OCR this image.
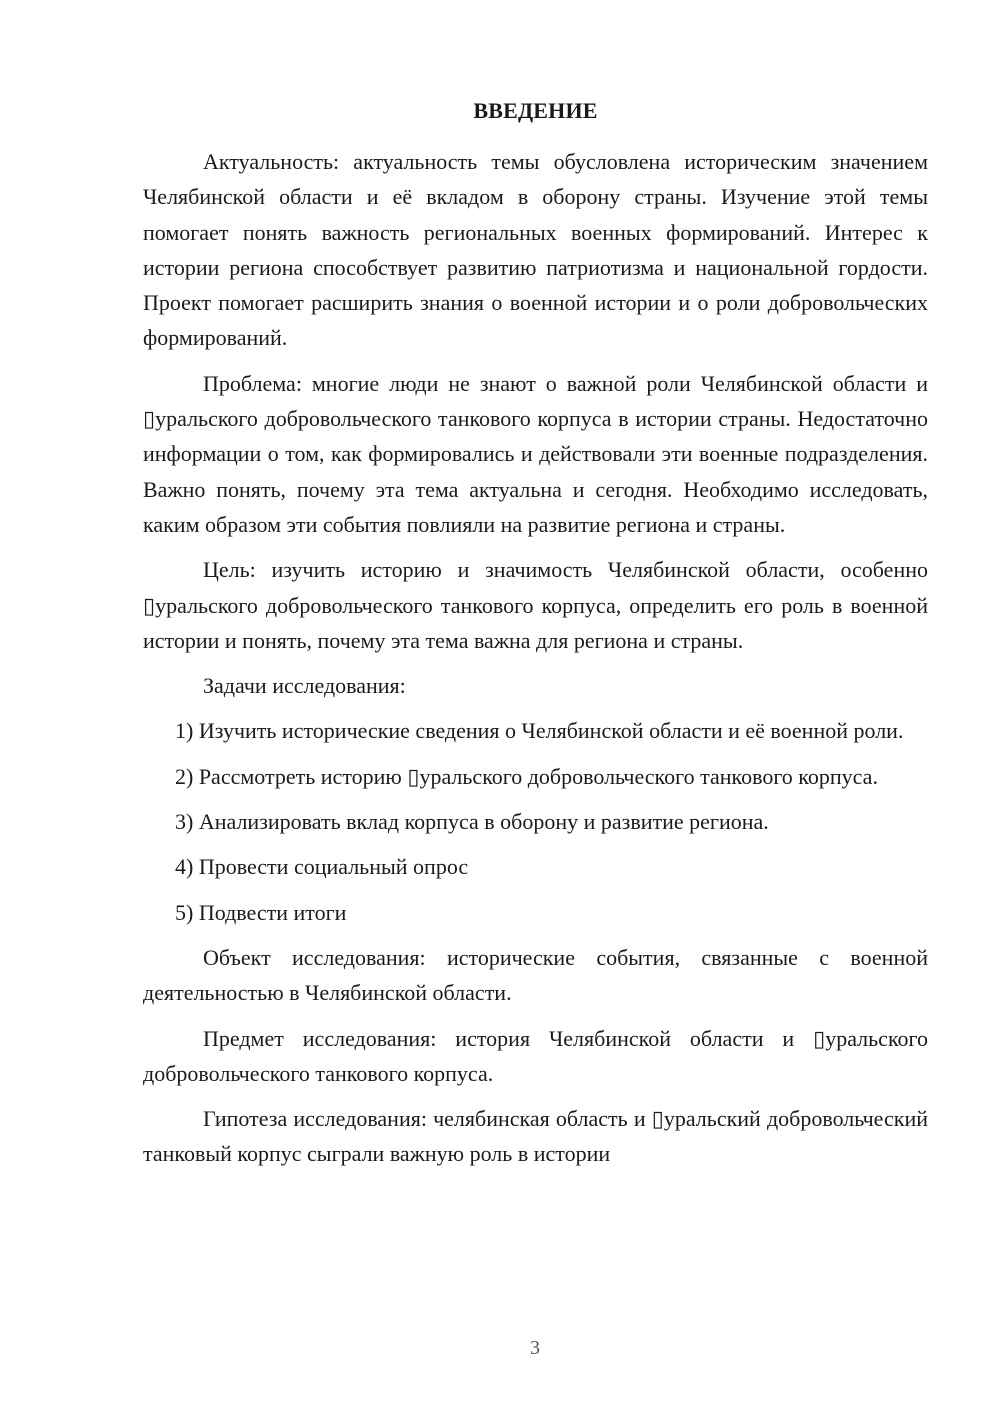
ВВЕДЕНИЕ

Актуальность: актуальность темы обусловлена историческим значением Челябинской области и её вкладом в оборону страны. Изучение этой темы помогает понять важность региональных военных формирований. Интерес к истории региона способствует развитию патриотизма и национальной гордости. Проект помогает расширить знания о военной истории и о роли добровольческих формирований.

Проблема: многие люди не знают о важной роли Челябинской области и ▯уральского добровольческого танкового корпуса в истории страны. Недостаточно информации о том, как формировались и действовали эти военные подразделения. Важно понять, почему эта тема актуальна и сегодня. Необходимо исследовать, каким образом эти события повлияли на развитие региона и страны.

Цель: изучить историю и значимость Челябинской области, особенно ▯уральского добровольческого танкового корпуса, определить его роль в военной истории и понять, почему эта тема важна для региона и страны.

Задачи исследования:

1) Изучить исторические сведения о Челябинской области и её военной роли.

2) Рассмотреть историю ▯уральского добровольческого танкового корпуса.

3) Анализировать вклад корпуса в оборону и развитие региона.

4) Провести социальный опрос

5) Подвести итоги

Объект исследования: исторические события, связанные с военной деятельностью в Челябинской области.

Предмет исследования: история Челябинской области и ▯уральского добровольческого танкового корпуса.

Гипотеза исследования: челябинская область и ▯уральский добровольческий танковый корпус сыграли важную роль в истории

3
